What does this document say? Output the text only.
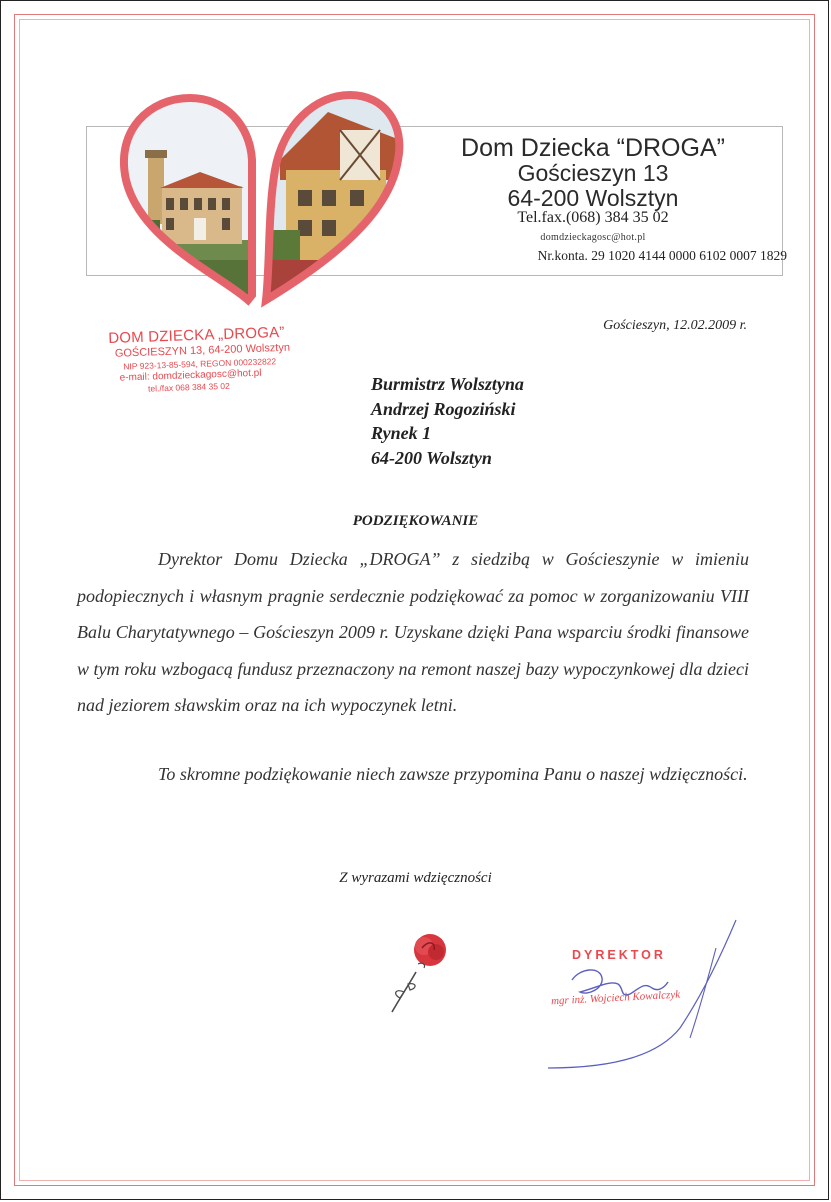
Dom Dziecka “DROGA”
Gościeszyn 13
64-200 Wolsztyn
Tel.fax.(068) 384 35 02
domdzieckagosc@hot.pl
Nr.konta. 29 1020 4144 0000 6102 0007 1829
DOM DZIECKA „DROGA”
GOŚCIESZYN 13, 64-200 Wolsztyn
NIP 923-13-85-594, REGON 000232822
e-mail: domdzieckagosc@hot.pl
tel./fax 068 384 35 02
Gościeszyn, 12.02.2009 r.
Burmistrz Wolsztyna
Andrzej Rogoziński
Rynek 1
64-200 Wolsztyn
PODZIĘKOWANIE
Dyrektor Domu Dziecka „DROGA” z siedzibą w Gościeszynie w imieniu podopiecznych i własnym pragnie serdecznie podziękować za pomoc w zorganizowaniu VIII Balu Charytatywnego – Gościeszyn 2009 r. Uzyskane dzięki Pana wsparciu środki finansowe w tym roku wzbogacą fundusz przeznaczony na remont naszej bazy wypoczynkowej dla dzieci nad jeziorem sławskim oraz na ich wypoczynek letni.
To skromne podziękowanie niech zawsze przypomina Panu o naszej wdzięczności.
Z wyrazami wdzięczności
DYREKTOR
mgr inż. Wojciech Kowalczyk
